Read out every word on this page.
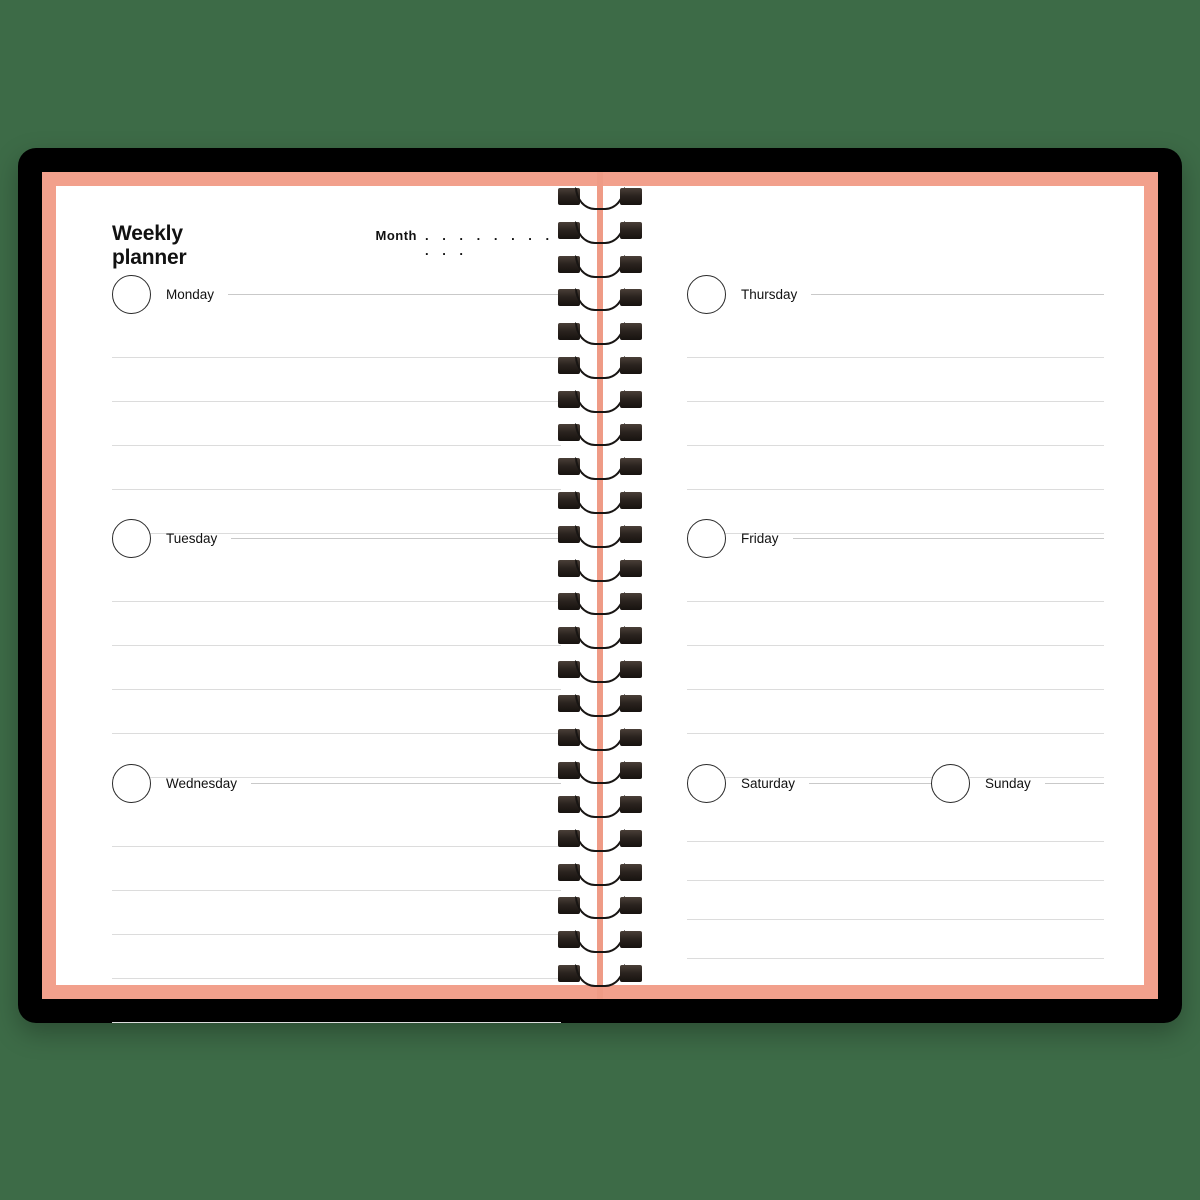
Weekly planner
Month . . . . . . . . . . .
Monday
Tuesday
Wednesday
Thursday
Friday
Saturday	Sunday
